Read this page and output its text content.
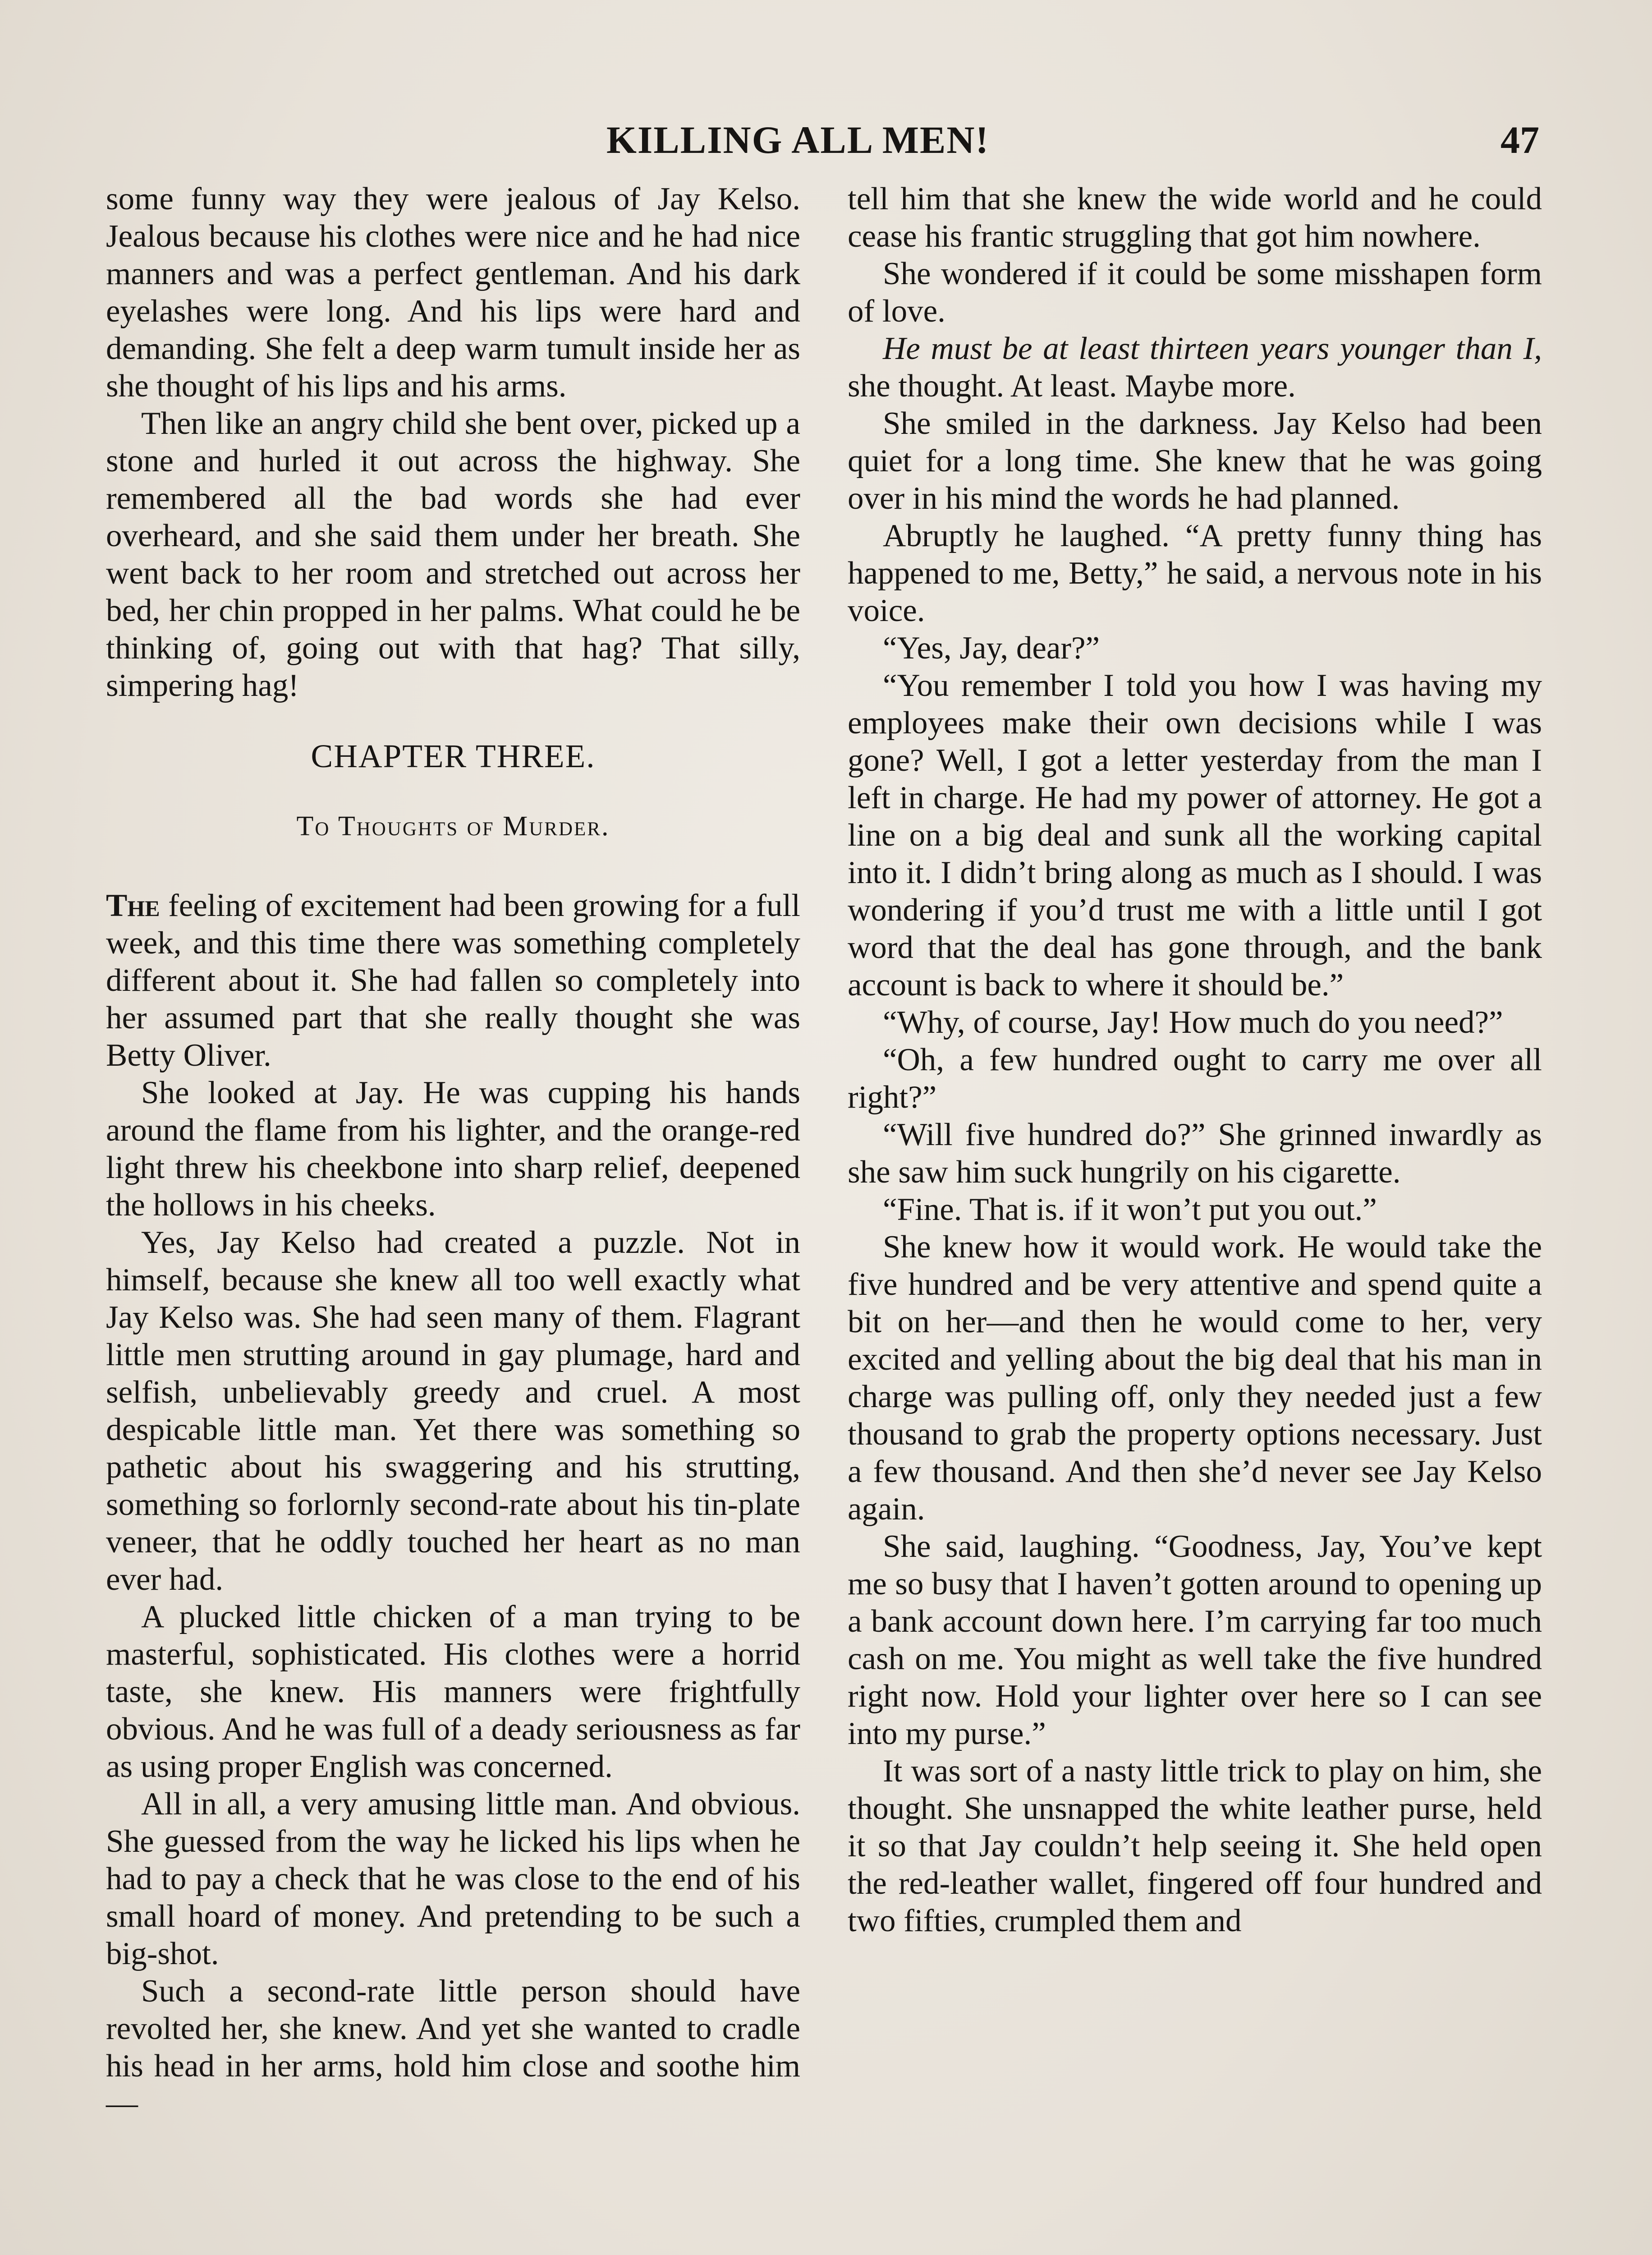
KILLING ALL MEN!	47

some funny way they were jealous of Jay Kelso. Jealous because his clothes were nice and he had nice manners and was a perfect gentleman. And his dark eyelashes were long. And his lips were hard and demanding. She felt a deep warm tumult inside her as she thought of his lips and his arms.

Then like an angry child she bent over, picked up a stone and hurled it out across the highway. She remembered all the bad words she had ever overheard, and she said them under her breath. She went back to her room and stretched out across her bed, her chin propped in her palms. What could he be thinking of, going out with that hag? That silly, simpering hag!

CHAPTER THREE.
To Thoughts of Murder.

The feeling of excitement had been growing for a full week, and this time there was something completely different about it. She had fallen so completely into her assumed part that she really thought she was Betty Oliver.

She looked at Jay. He was cupping his hands around the flame from his lighter, and the orange-red light threw his cheekbone into sharp relief, deepened the hollows in his cheeks.

Yes, Jay Kelso had created a puzzle. Not in himself, because she knew all too well exactly what Jay Kelso was. She had seen many of them. Flagrant little men strutting around in gay plumage, hard and selfish, unbelievably greedy and cruel. A most despicable little man. Yet there was something so pathetic about his swaggering and his strutting, something so forlornly second-rate about his tin-plate veneer, that he oddly touched her heart as no man ever had.

A plucked little chicken of a man trying to be masterful, sophisticated. His clothes were a horrid taste, she knew. His manners were frightfully obvious. And he was full of a deady seriousness as far as using proper English was concerned.

All in all, a very amusing little man. And obvious. She guessed from the way he licked his lips when he had to pay a check that he was close to the end of his small hoard of money. And pretending to be such a big-shot.

Such a second-rate little person should have revolted her, she knew. And yet she wanted to cradle his head in her arms, hold him close and soothe him—

tell him that she knew the wide world and he could cease his frantic struggling that got him nowhere.

She wondered if it could be some misshapen form of love.

He must be at least thirteen years younger than I, she thought. At least. Maybe more.

She smiled in the darkness. Jay Kelso had been quiet for a long time. She knew that he was going over in his mind the words he had planned.

Abruptly he laughed. “A pretty funny thing has happened to me, Betty,” he said, a nervous note in his voice.

“Yes, Jay, dear?”

“You remember I told you how I was having my employees make their own decisions while I was gone? Well, I got a letter yesterday from the man I left in charge. He had my power of attorney. He got a line on a big deal and sunk all the working capital into it. I didn’t bring along as much as I should. I was wondering if you’d trust me with a little until I got word that the deal has gone through, and the bank account is back to where it should be.”

“Why, of course, Jay! How much do you need?”

“Oh, a few hundred ought to carry me over all right?”

“Will five hundred do?” She grinned inwardly as she saw him suck hungrily on his cigarette.

“Fine. That is. if it won’t put you out.”

She knew how it would work. He would take the five hundred and be very attentive and spend quite a bit on her—and then he would come to her, very excited and yelling about the big deal that his man in charge was pulling off, only they needed just a few thousand to grab the property options necessary. Just a few thousand. And then she’d never see Jay Kelso again.

She said, laughing. “Goodness, Jay, You’ve kept me so busy that I haven’t gotten around to opening up a bank account down here. I’m carrying far too much cash on me. You might as well take the five hundred right now. Hold your lighter over here so I can see into my purse.”

It was sort of a nasty little trick to play on him, she thought. She unsnapped the white leather purse, held it so that Jay couldn’t help seeing it. She held open the red-leather wallet, fingered off four hundred and two fifties, crumpled them and
